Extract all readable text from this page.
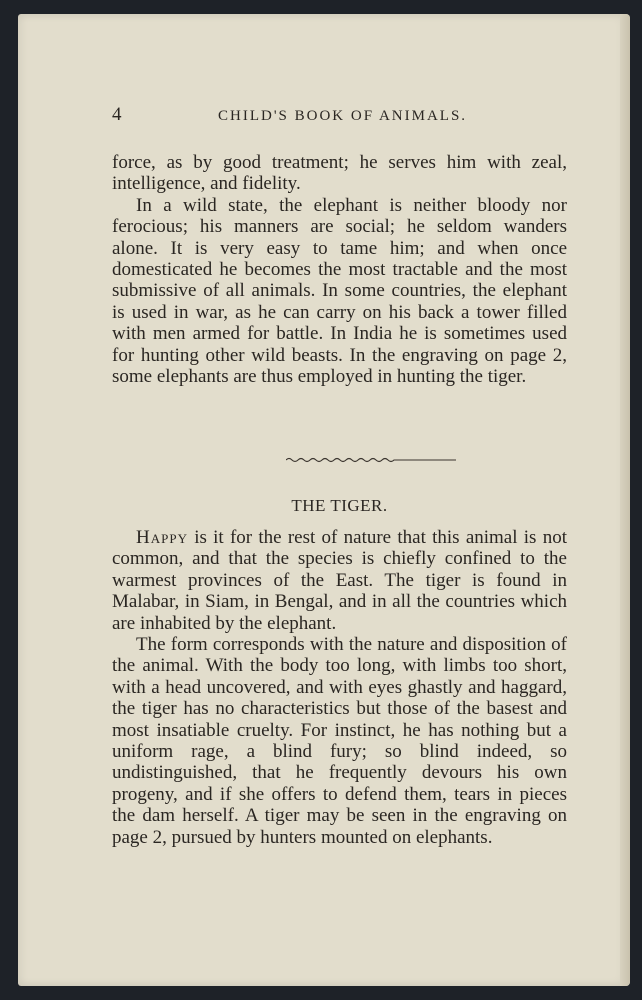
4	CHILD'S BOOK OF ANIMALS.

force, as by good treatment; he serves him with zeal, intelligence, and fidelity.

In a wild state, the elephant is neither bloody nor ferocious; his manners are social; he seldom wanders alone. It is very easy to tame him; and when once domesticated he becomes the most tractable and the most submissive of all animals. In some countries, the elephant is used in war, as he can carry on his back a tower filled with men armed for battle. In India he is sometimes used for hunting other wild beasts. In the engraving on page 2, some elephants are thus employed in hunting the tiger.

THE TIGER.

Happy is it for the rest of nature that this animal is not common, and that the species is chiefly confined to the warmest provinces of the East. The tiger is found in Malabar, in Siam, in Bengal, and in all the countries which are inhabited by the elephant.

The form corresponds with the nature and disposition of the animal. With the body too long, with limbs too short, with a head uncovered, and with eyes ghastly and haggard, the tiger has no characteristics but those of the basest and most insatiable cruelty. For instinct, he has nothing but a uniform rage, a blind fury; so blind indeed, so undistinguished, that he frequently devours his own progeny, and if she offers to defend them, tears in pieces the dam herself. A tiger may be seen in the engraving on page 2, pursued by hunters mounted on elephants.
